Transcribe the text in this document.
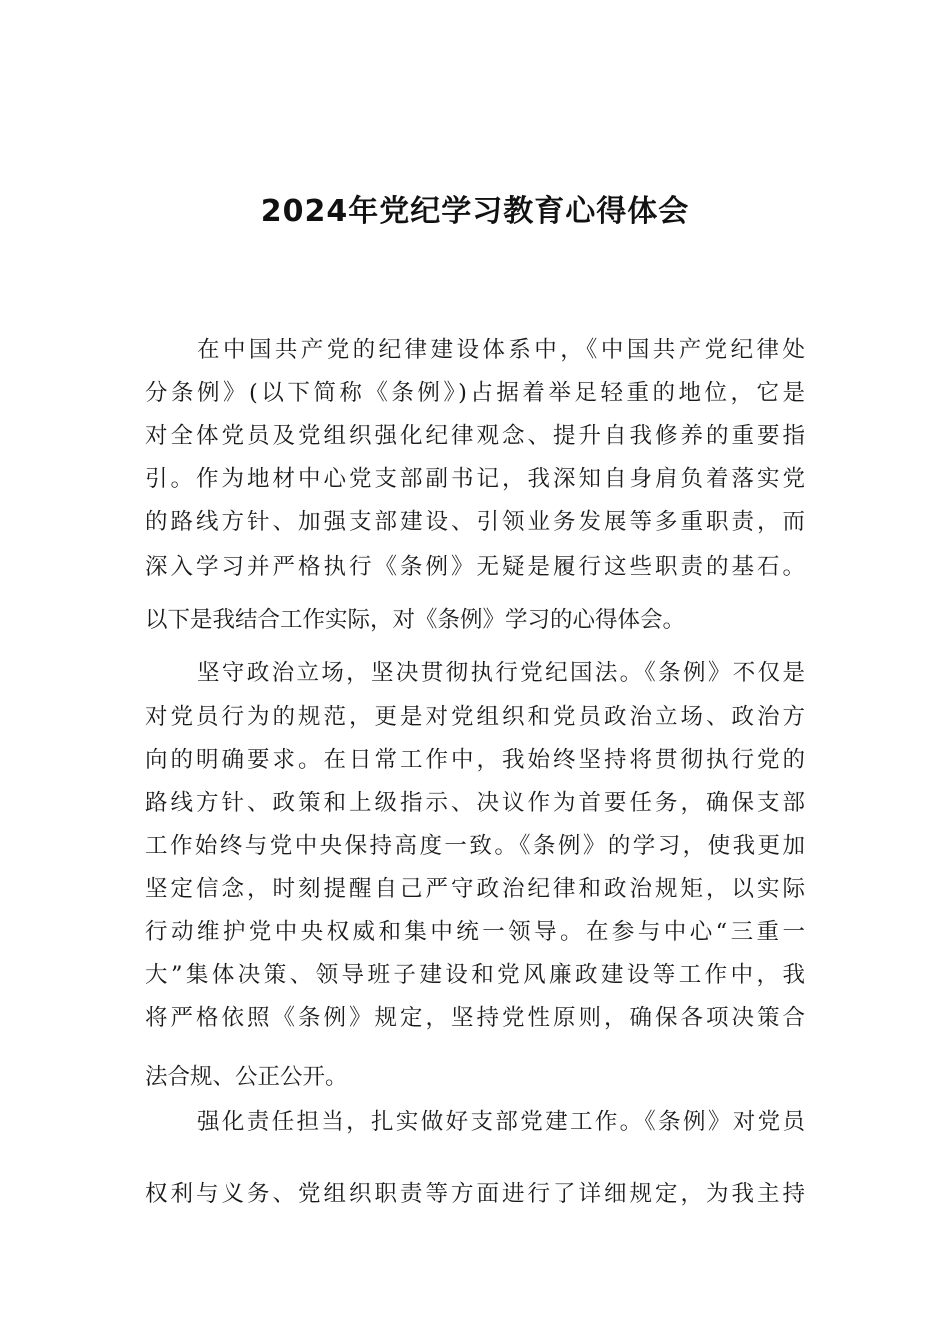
2024年党纪学习教育心得体会

在中国共产党的纪律建设体系中，《中国共产党纪律处

分条例》(以下简称《条例》)占据着举足轻重的地位，它是

对全体党员及党组织强化纪律观念、提升自我修养的重要指

引。作为地材中心党支部副书记，我深知自身肩负着落实党

的路线方针、加强支部建设、引领业务发展等多重职责，而

深入学习并严格执行《条例》无疑是履行这些职责的基石。

以下是我结合工作实际，对《条例》学习的心得体会。

坚守政治立场，坚决贯彻执行党纪国法。《条例》不仅是

对党员行为的规范，更是对党组织和党员政治立场、政治方

向的明确要求。在日常工作中，我始终坚持将贯彻执行党的

路线方针、政策和上级指示、决议作为首要任务，确保支部

工作始终与党中央保持高度一致。《条例》的学习，使我更加

坚定信念，时刻提醒自己严守政治纪律和政治规矩，以实际

行动维护党中央权威和集中统一领导。在参与中心“三重一

大”集体决策、领导班子建设和党风廉政建设等工作中，我

将严格依照《条例》规定，坚持党性原则，确保各项决策合

法合规、公正公开。

强化责任担当，扎实做好支部党建工作。《条例》对党员

权利与义务、党组织职责等方面进行了详细规定，为我主持
